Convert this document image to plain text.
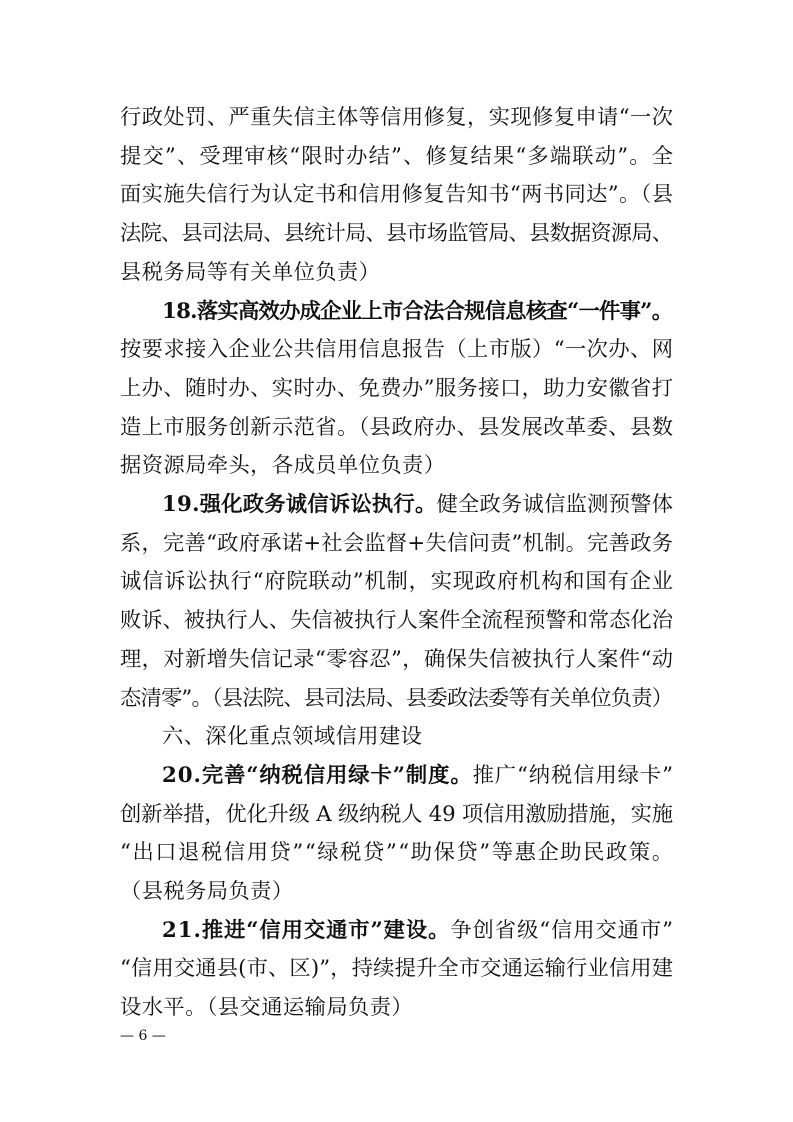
行政处罚、严重失信主体等信用修复，实现修复申请“一次
提交”、受理审核“限时办结”、修复结果“多端联动”。全
面实施失信行为认定书和信用修复告知书“两书同达”。（县
法院、县司法局、县统计局、县市场监管局、县数据资源局、
县税务局等有关单位负责）
18.落实高效办成企业上市合法合规信息核查“一件事”。
按要求接入企业公共信用信息报告（上市版）“一次办、网
上办、随时办、实时办、免费办”服务接口，助力安徽省打
造上市服务创新示范省。（县政府办、县发展改革委、县数
据资源局牵头，各成员单位负责）
19.强化政务诚信诉讼执行。健全政务诚信监测预警体
系，完善“政府承诺+社会监督+失信问责”机制。完善政务
诚信诉讼执行“府院联动”机制，实现政府机构和国有企业
败诉、被执行人、失信被执行人案件全流程预警和常态化治
理，对新增失信记录“零容忍”，确保失信被执行人案件“动
态清零”。（县法院、县司法局、县委政法委等有关单位负责）
六、深化重点领域信用建设
20.完善“纳税信用绿卡”制度。推广“纳税信用绿卡”
创新举措，优化升级 A 级纳税人 49 项信用激励措施，实施
“出口退税信用贷”“绿税贷”“助保贷”等惠企助民政策。
（县税务局负责）
21.推进“信用交通市”建设。争创省级“信用交通市”
“信用交通县(市、区)”，持续提升全市交通运输行业信用建
设水平。（县交通运输局负责）
— 6 —
